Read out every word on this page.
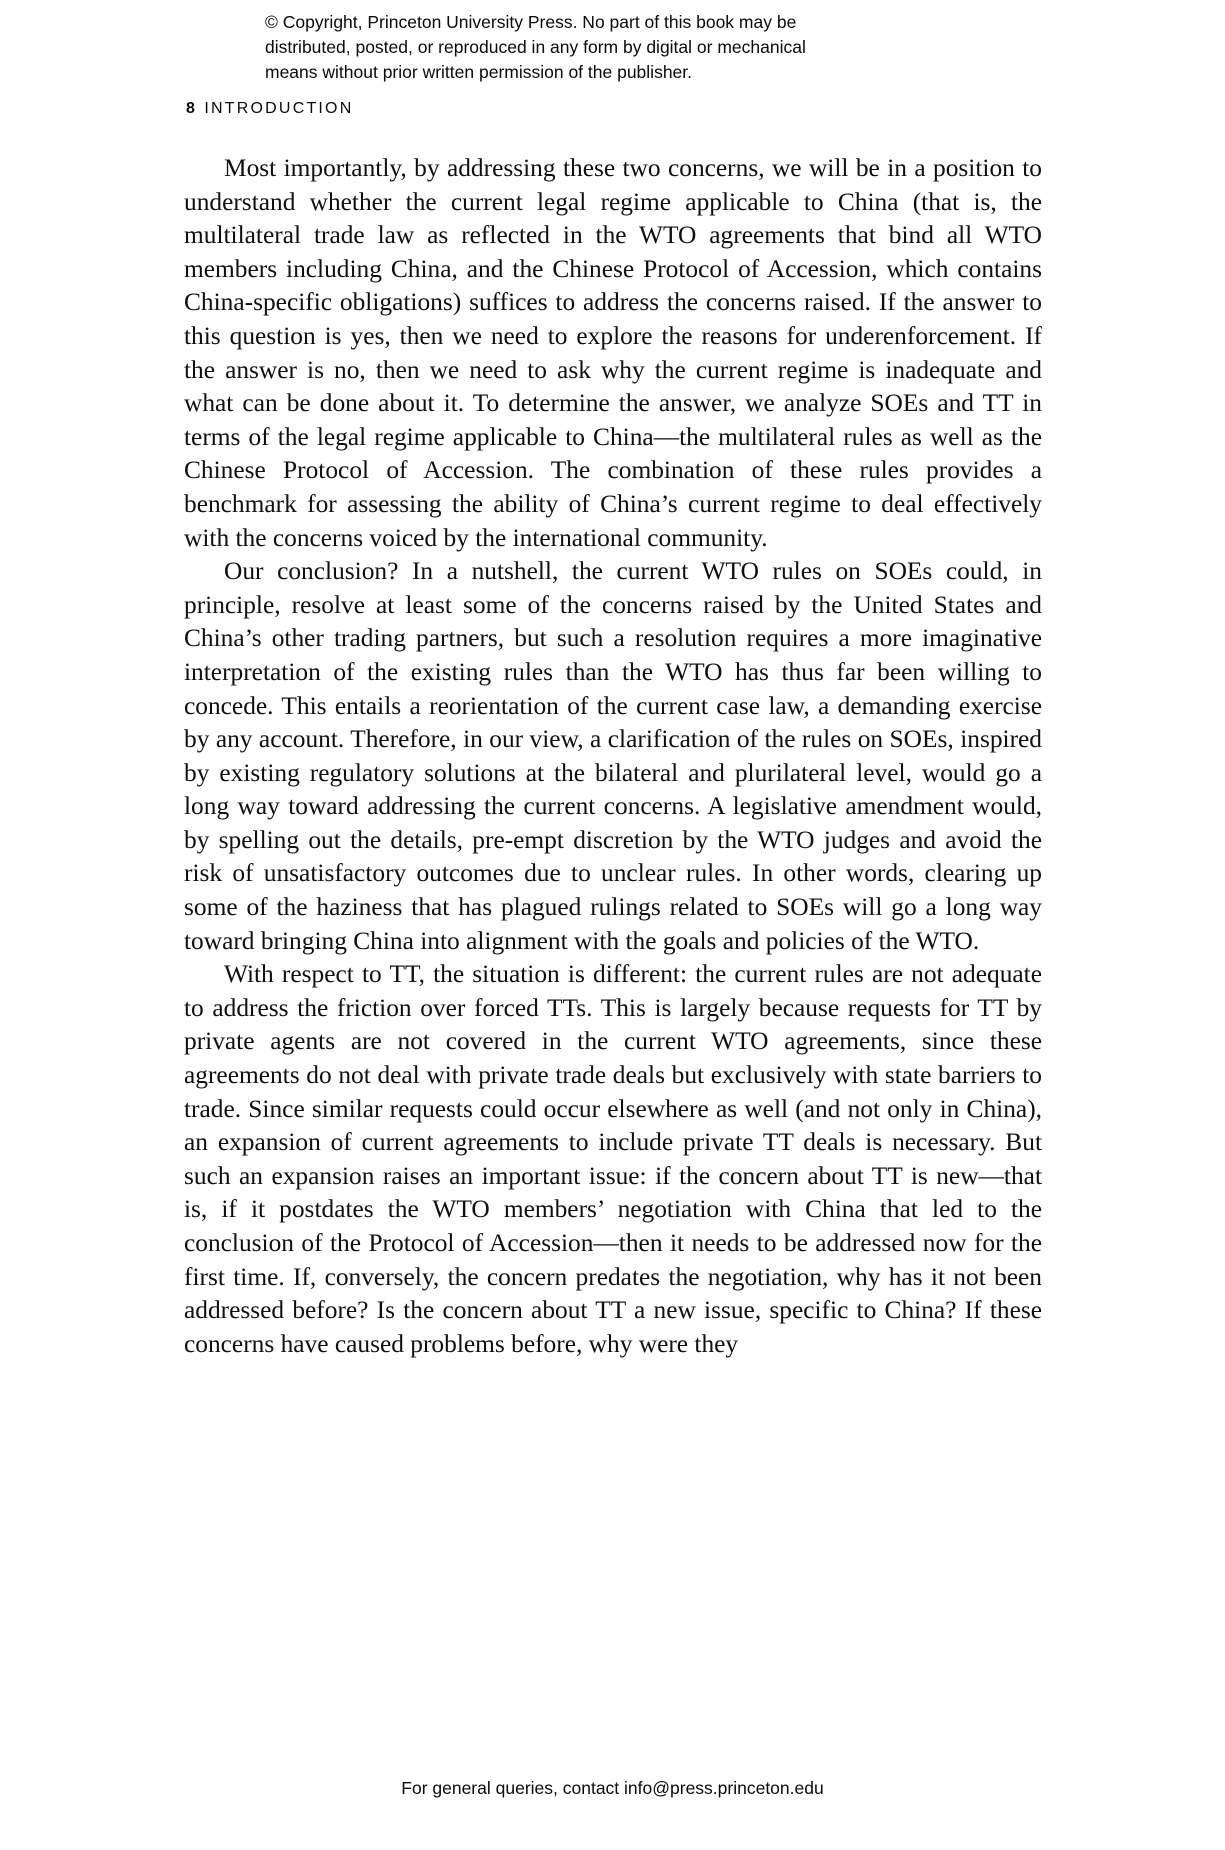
© Copyright, Princeton University Press. No part of this book may be
distributed, posted, or reproduced in any form by digital or mechanical
means without prior written permission of the publisher.
8 INTRODUCTION

Most importantly, by addressing these two concerns, we will be in a position to understand whether the current legal regime applicable to China (that is, the multilateral trade law as reflected in the WTO agreements that bind all WTO members including China, and the Chinese Protocol of Accession, which contains China-specific obligations) suffices to address the concerns raised. If the answer to this question is yes, then we need to explore the reasons for underenforcement. If the answer is no, then we need to ask why the current regime is inadequate and what can be done about it. To determine the answer, we analyze SOEs and TT in terms of the legal regime applicable to China—the multilateral rules as well as the Chinese Protocol of Accession. The combination of these rules provides a benchmark for assessing the ability of China’s current regime to deal effectively with the concerns voiced by the international community.

Our conclusion? In a nutshell, the current WTO rules on SOEs could, in principle, resolve at least some of the concerns raised by the United States and China’s other trading partners, but such a resolution requires a more imaginative interpretation of the existing rules than the WTO has thus far been willing to concede. This entails a reorientation of the current case law, a demanding exercise by any account. Therefore, in our view, a clarification of the rules on SOEs, inspired by existing regulatory solutions at the bilateral and plurilateral level, would go a long way toward addressing the current concerns. A legislative amendment would, by spelling out the details, pre-empt discretion by the WTO judges and avoid the risk of unsatisfactory outcomes due to unclear rules. In other words, clearing up some of the haziness that has plagued rulings related to SOEs will go a long way toward bringing China into alignment with the goals and policies of the WTO.

With respect to TT, the situation is different: the current rules are not adequate to address the friction over forced TTs. This is largely because requests for TT by private agents are not covered in the current WTO agreements, since these agreements do not deal with private trade deals but exclusively with state barriers to trade. Since similar requests could occur elsewhere as well (and not only in China), an expansion of current agreements to include private TT deals is necessary. But such an expansion raises an important issue: if the concern about TT is new—that is, if it postdates the WTO members’ negotiation with China that led to the conclusion of the Protocol of Accession—then it needs to be addressed now for the first time. If, conversely, the concern predates the negotiation, why has it not been addressed before? Is the concern about TT a new issue, specific to China? If these concerns have caused problems before, why were they

For general queries, contact info@press.princeton.edu
